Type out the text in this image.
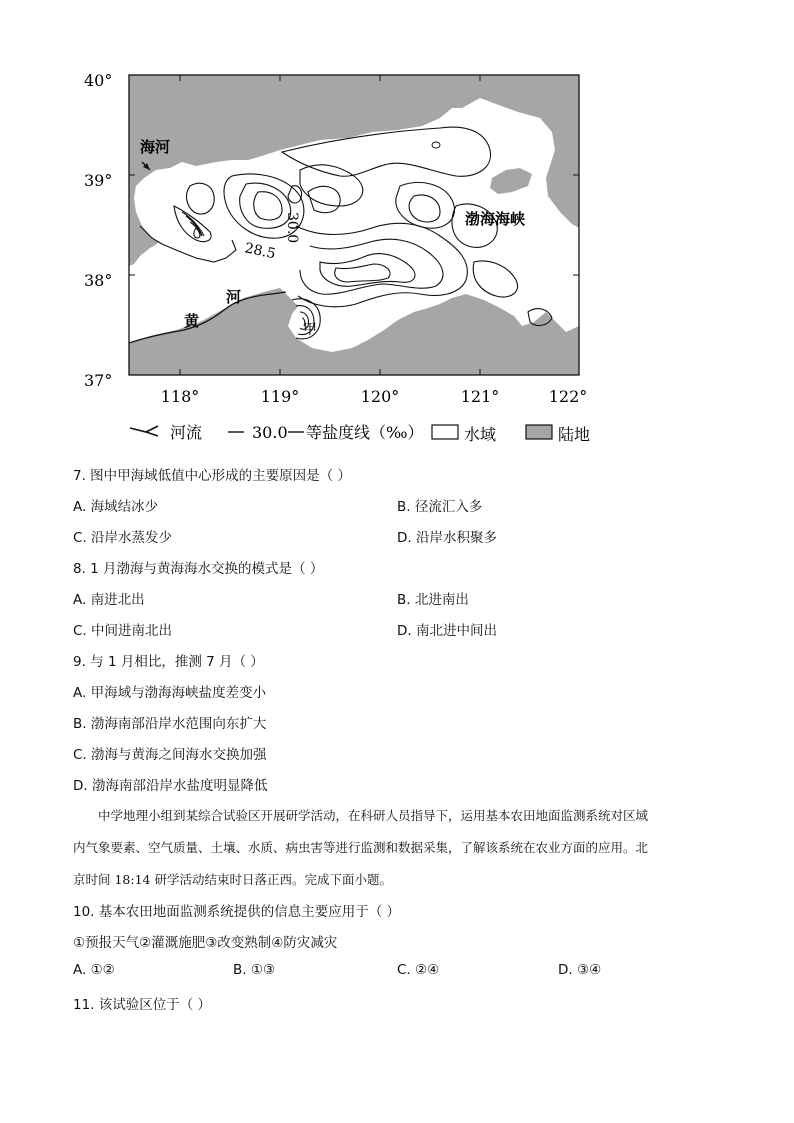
40°
39°
38°
37°
118°	119°	120°	121°	122°
海河
渤海海峡
河
黄	甲
30.0
28.5
河流	30.0 等盐度线（‰）	水域	陆地
7. 图中甲海域低值中心形成的主要原因是（ ）
A. 海域结冰少	B. 径流汇入多
C. 沿岸水蒸发少	D. 沿岸水积聚多
8. 1 月渤海与黄海海水交换的模式是（ ）
A. 南进北出	B. 北进南出
C. 中间进南北出	D. 南北进中间出
9. 与 1 月相比，推测 7 月（ ）
A. 甲海域与渤海海峡盐度差变小
B. 渤海南部沿岸水范围向东扩大
C. 渤海与黄海之间海水交换加强
D. 渤海南部沿岸水盐度明显降低
中学地理小组到某综合试验区开展研学活动，在科研人员指导下，运用基本农田地面监测系统对区域
内气象要素、空气质量、土壤、水质、病虫害等进行监测和数据采集，了解该系统在农业方面的应用。北
京时间 18:14 研学活动结束时日落正西。完成下面小题。
10. 基本农田地面监测系统提供的信息主要应用于（ ）
①预报天气②灌溉施肥③改变熟制④防灾减灾
A. ①②	B. ①③	C. ②④	D. ③④
11. 该试验区位于（ ）
